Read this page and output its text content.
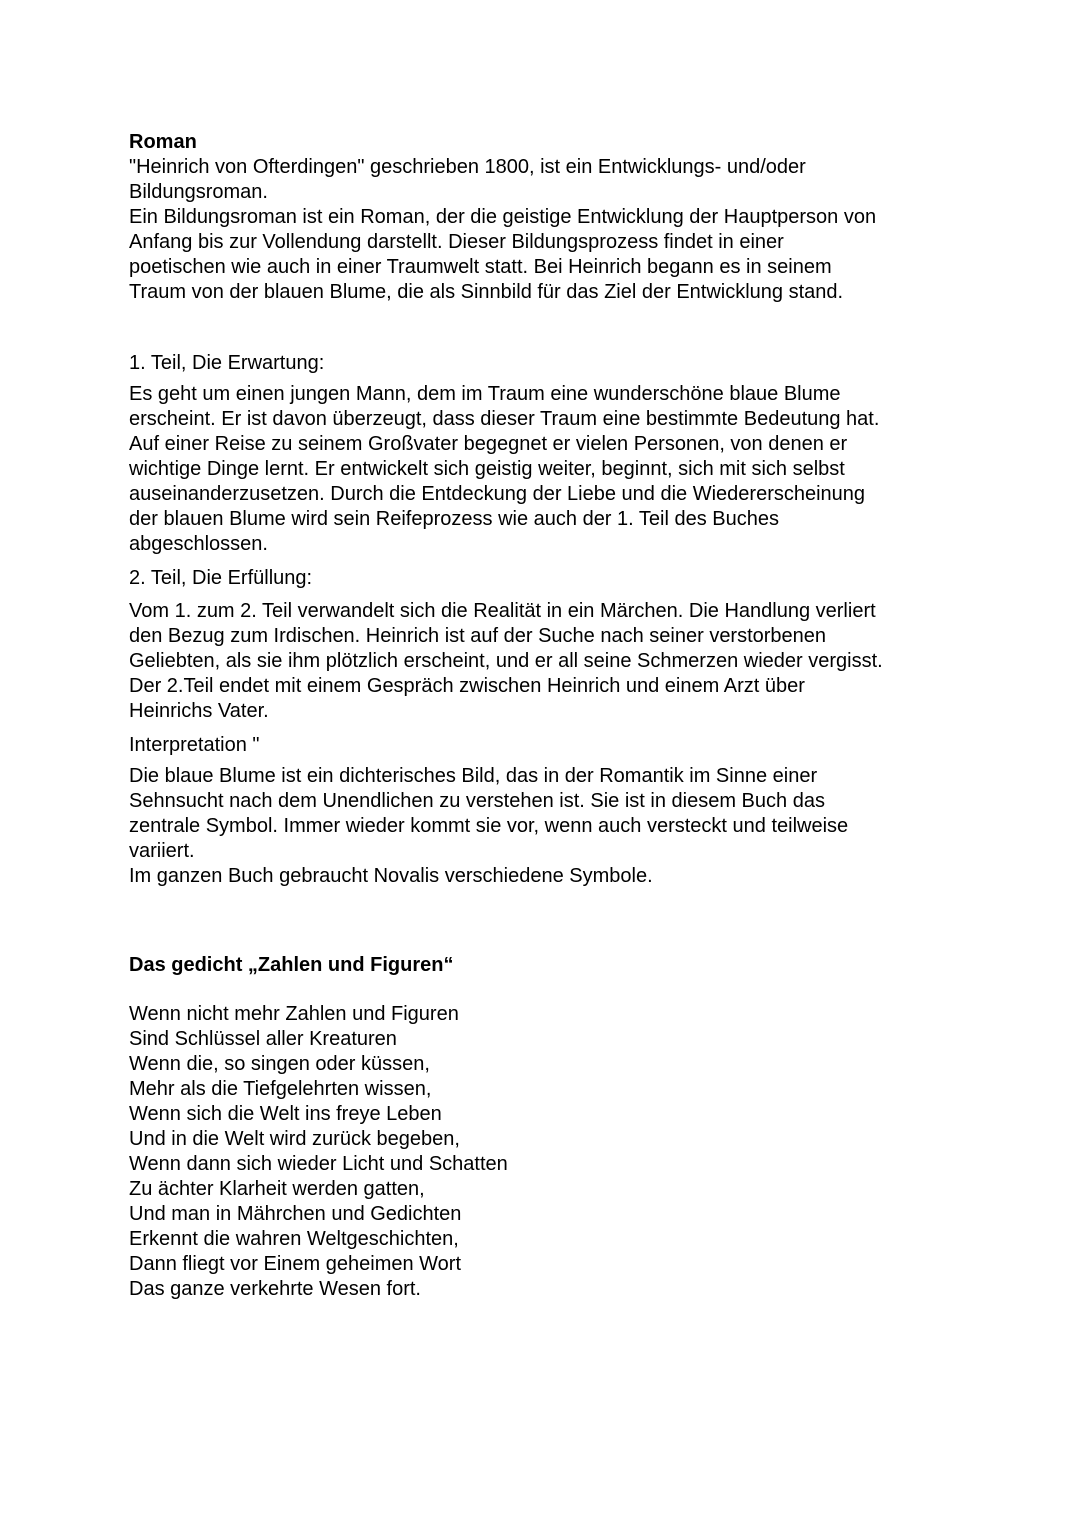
Roman

"Heinrich von Ofterdingen" geschrieben 1800, ist ein Entwicklungs- und/oder
Bildungsroman.
Ein Bildungsroman ist ein Roman, der die geistige Entwicklung der Hauptperson von
Anfang bis zur Vollendung darstellt. Dieser Bildungsprozess findet in einer
poetischen wie auch in einer Traumwelt statt. Bei Heinrich begann es in seinem
Traum von der blauen Blume, die als Sinnbild für das Ziel der Entwicklung stand.

1. Teil, Die Erwartung:

Es geht um einen jungen Mann, dem im Traum eine wunderschöne blaue Blume
erscheint. Er ist davon überzeugt, dass dieser Traum eine bestimmte Bedeutung hat.
Auf einer Reise zu seinem Großvater begegnet er vielen Personen, von denen er
wichtige Dinge lernt. Er entwickelt sich geistig weiter, beginnt, sich mit sich selbst
auseinanderzusetzen. Durch die Entdeckung der Liebe und die Wiedererscheinung
der blauen Blume wird sein Reifeprozess wie auch der 1. Teil des Buches
abgeschlossen.

2. Teil, Die Erfüllung:

Vom 1. zum 2. Teil verwandelt sich die Realität in ein Märchen. Die Handlung verliert
den Bezug zum Irdischen. Heinrich ist auf der Suche nach seiner verstorbenen
Geliebten, als sie ihm plötzlich erscheint, und er all seine Schmerzen wieder vergisst.
Der 2.Teil endet mit einem Gespräch zwischen Heinrich und einem Arzt über
Heinrichs Vater.

Interpretation "

Die blaue Blume ist ein dichterisches Bild, das in der Romantik im Sinne einer
Sehnsucht nach dem Unendlichen zu verstehen ist. Sie ist in diesem Buch das
zentrale Symbol. Immer wieder kommt sie vor, wenn auch versteckt und teilweise
variiert.
Im ganzen Buch gebraucht Novalis verschiedene Symbole.

Das gedicht „Zahlen und Figuren“

Wenn nicht mehr Zahlen und Figuren

Sind Schlüssel aller Kreaturen

Wenn die, so singen oder küssen,

Mehr als die Tiefgelehrten wissen,

Wenn sich die Welt ins freye Leben

Und in die Welt wird zurück begeben,

Wenn dann sich wieder Licht und Schatten

Zu ächter Klarheit werden gatten,

Und man in Mährchen und Gedichten

Erkennt die wahren Weltgeschichten,

Dann fliegt vor Einem geheimen Wort

Das ganze verkehrte Wesen fort.
